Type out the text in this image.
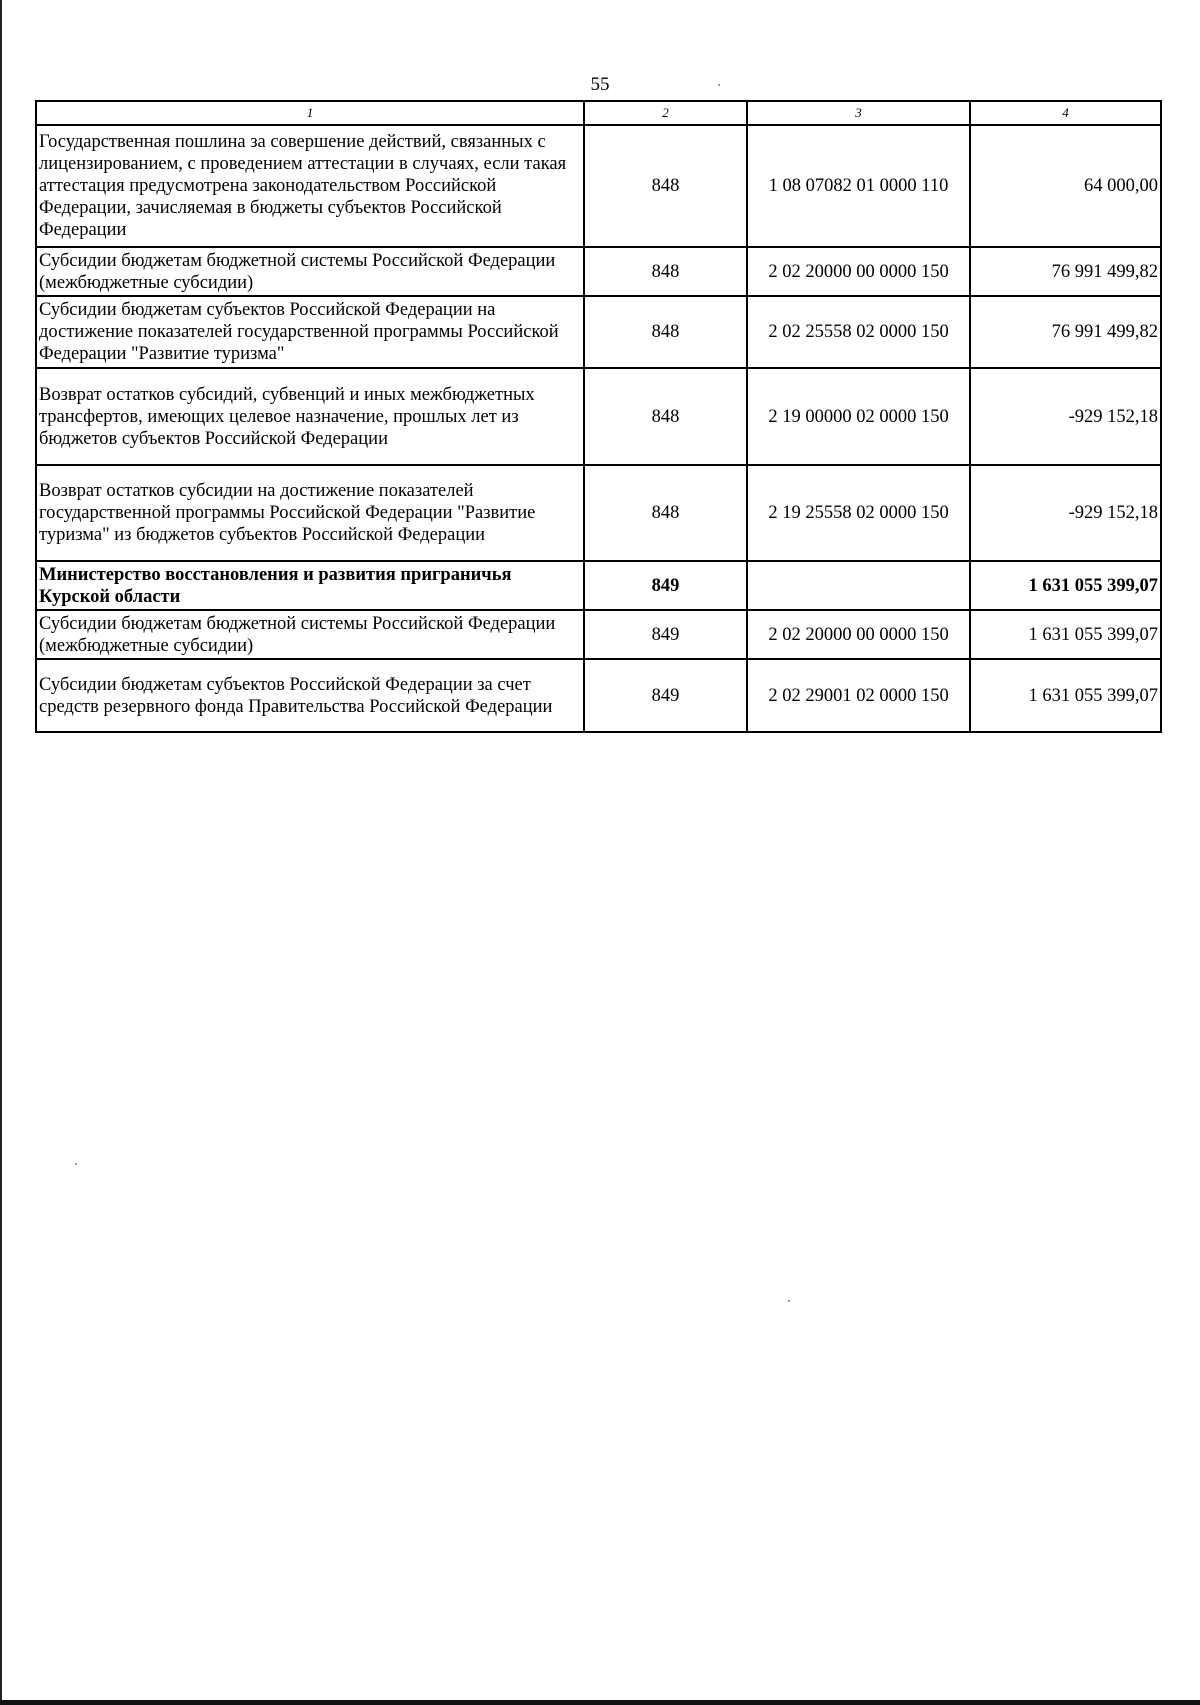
55
1	2	3	4
Государственная пошлина за совершение действий, связанных с лицензированием, с проведением аттестации в случаях, если такая аттестация предусмотрена законодательством Российской Федерации, зачисляемая в бюджеты субъектов Российской Федерации	848	1 08 07082 01 0000 110	64 000,00
Субсидии бюджетам бюджетной системы Российской Федерации (межбюджетные субсидии)	848	2 02 20000 00 0000 150	76 991 499,82
Субсидии бюджетам субъектов Российской Федерации на достижение показателей государственной программы Российской Федерации "Развитие туризма"	848	2 02 25558 02 0000 150	76 991 499,82
Возврат остатков субсидий, субвенций и иных межбюджетных трансфертов, имеющих целевое назначение, прошлых лет из бюджетов субъектов Российской Федерации	848	2 19 00000 02 0000 150	-929 152,18
Возврат остатков субсидии на достижение показателей государственной программы Российской Федерации "Развитие туризма" из бюджетов субъектов Российской Федерации	848	2 19 25558 02 0000 150	-929 152,18
Министерство восстановления и развития приграничья Курской области	849		1 631 055 399,07
Субсидии бюджетам бюджетной системы Российской Федерации (межбюджетные субсидии)	849	2 02 20000 00 0000 150	1 631 055 399,07
Субсидии бюджетам субъектов Российской Федерации за счет средств резервного фонда Правительства Российской Федерации	849	2 02 29001 02 0000 150	1 631 055 399,07
